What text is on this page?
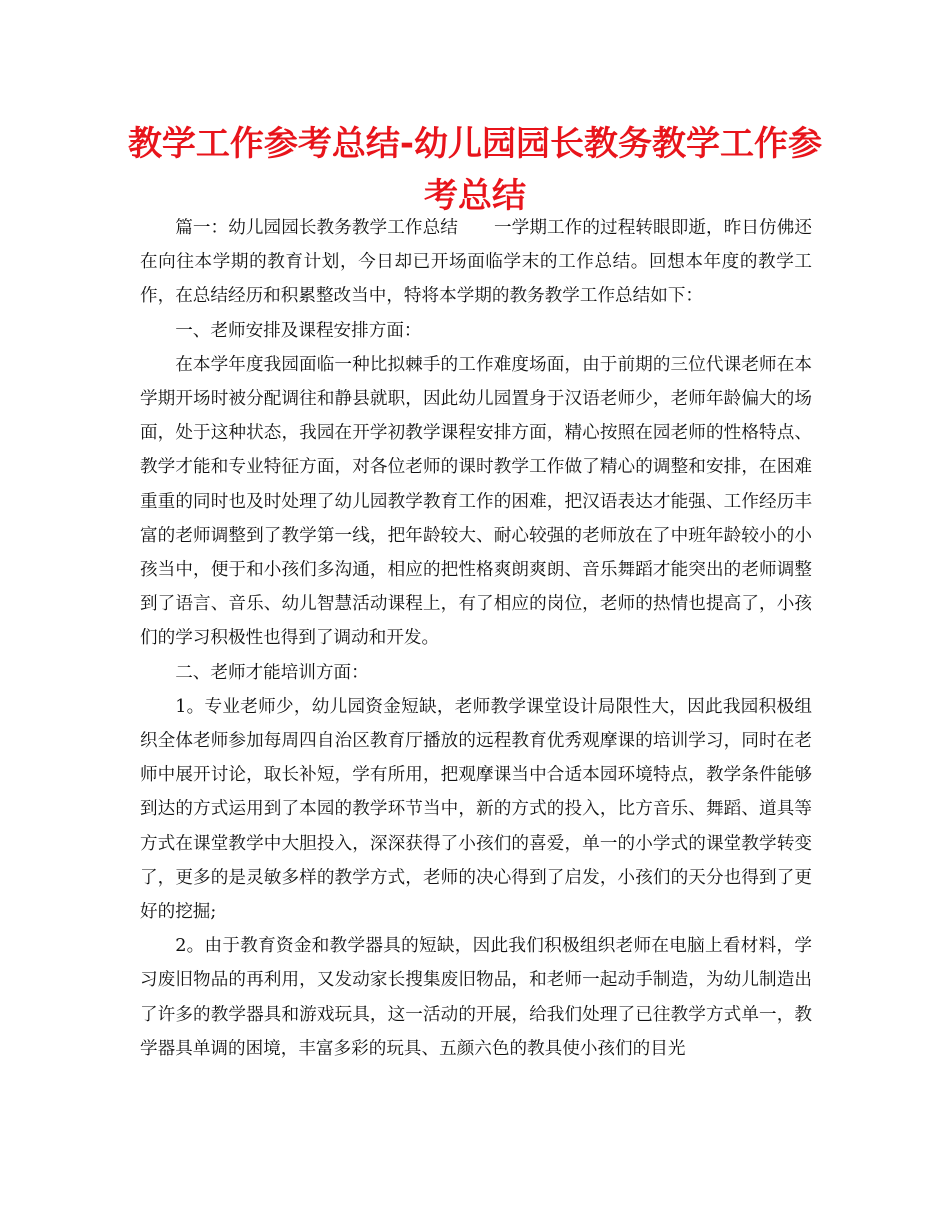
教学工作参考总结-幼儿园园长教务教学工作参考总结

篇一：幼儿园园长教务教学工作总结 一学期工作的过程转眼即逝，昨日仿佛还在向往本学期的教育计划，今日却已开场面临学末的工作总结。回想本年度的教学工作，在总结经历和积累整改当中，特将本学期的教务教学工作总结如下：

一、老师安排及课程安排方面：

在本学年度我园面临一种比拟棘手的工作难度场面，由于前期的三位代课老师在本学期开场时被分配调往和静县就职，因此幼儿园置身于汉语老师少，老师年龄偏大的场面，处于这种状态，我园在开学初教学课程安排方面，精心按照在园老师的性格特点、教学才能和专业特征方面，对各位老师的课时教学工作做了精心的调整和安排，在困难重重的同时也及时处理了幼儿园教学教育工作的困难，把汉语表达才能强、工作经历丰富的老师调整到了教学第一线，把年龄较大、耐心较强的老师放在了中班年龄较小的小孩当中，便于和小孩们多沟通，相应的把性格爽朗爽朗、音乐舞蹈才能突出的老师调整到了语言、音乐、幼儿智慧活动课程上，有了相应的岗位，老师的热情也提高了，小孩们的学习积极性也得到了调动和开发。

二、老师才能培训方面：

1。专业老师少，幼儿园资金短缺，老师教学课堂设计局限性大，因此我园积极组织全体老师参加每周四自治区教育厅播放的远程教育优秀观摩课的培训学习，同时在老师中展开讨论，取长补短，学有所用，把观摩课当中合适本园环境特点，教学条件能够到达的方式运用到了本园的教学环节当中，新的方式的投入，比方音乐、舞蹈、道具等方式在课堂教学中大胆投入，深深获得了小孩们的喜爱，单一的小学式的课堂教学转变了，更多的是灵敏多样的教学方式，老师的决心得到了启发，小孩们的天分也得到了更好的挖掘;

2。由于教育资金和教学器具的短缺，因此我们积极组织老师在电脑上看材料，学习废旧物品的再利用，又发动家长搜集废旧物品，和老师一起动手制造，为幼儿制造出了许多的教学器具和游戏玩具，这一活动的开展，给我们处理了已往教学方式单一，教学器具单调的困境，丰富多彩的玩具、五颜六色的教具使小孩们的目光
